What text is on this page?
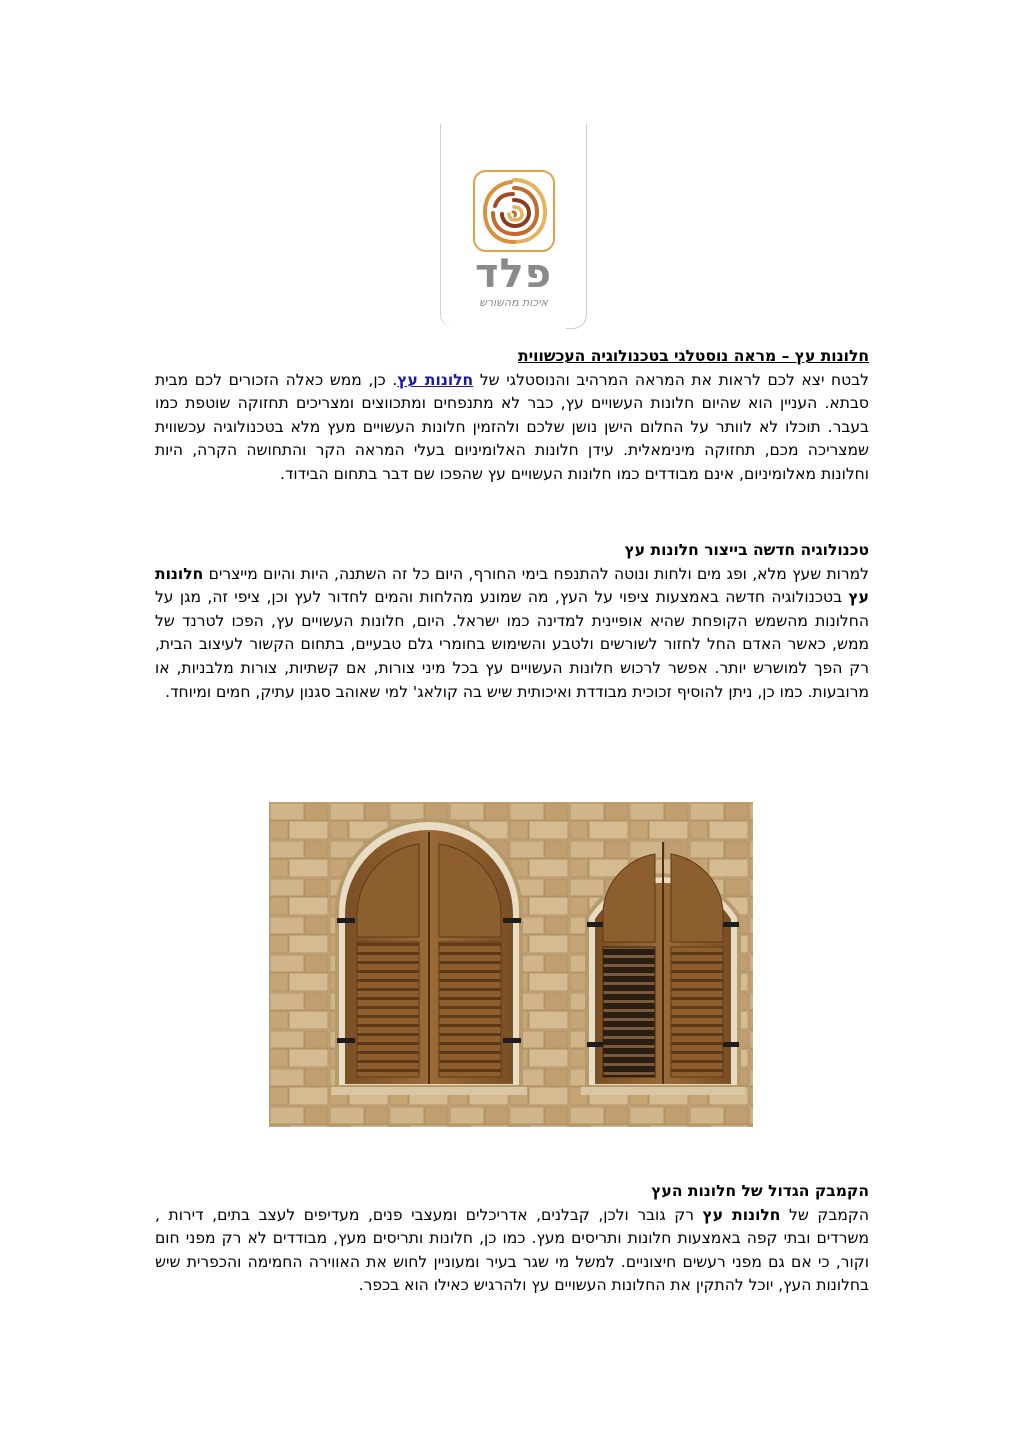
פלד
איכות מהשורש

חלונות עץ – מראה נוסטלגי בטכנולוגיה העכשווית

לבטח יצא לכם לראות את המראה המרהיב והנוסטלגי של חלונות עץ. כן, ממש כאלה הזכורים לכם מבית סבתא. העניין הוא שהיום חלונות העשויים עץ, כבר לא מתנפחים ומתכווצים ומצריכים תחזוקה שוטפת כמו בעבר. תוכלו לא לוותר על החלום הישן נושן שלכם ולהזמין חלונות העשויים מעץ מלא בטכנולוגיה עכשווית שמצריכה מכם, תחזוקה מינימאלית. עידן חלונות האלומיניום בעלי המראה הקר והתחושה הקרה, היות וחלונות מאלומיניום, אינם מבודדים כמו חלונות העשויים עץ שהפכו שם דבר בתחום הבידוד.

טכנולוגיה חדשה בייצור חלונות עץ

למרות שעץ מלא, ופג מים ולחות ונוטה להתנפח בימי החורף, היום כל זה השתנה, היות והיום מייצרים חלונות עץ בטכנולוגיה חדשה באמצעות ציפוי על העץ, מה שמונע מהלחות והמים לחדור לעץ וכן, ציפי זה, מגן על החלונות מהשמש הקופחת שהיא אופיינית למדינה כמו ישראל. היום, חלונות העשויים עץ, הפכו לטרנד של ממש, כאשר האדם החל לחזור לשורשים ולטבע והשימוש בחומרי גלם טבעיים, בתחום הקשור לעיצוב הבית, רק הפך למושרש יותר. אפשר לרכוש חלונות העשויים עץ בכל מיני צורות, אם קשתיות, צורות מלבניות, או מרובעות. כמו כן, ניתן להוסיף זכוכית מבודדת ואיכותית שיש בה קולאג' למי שאוהב סגנון עתיק, חמים ומיוחד.

הקמבק הגדול של חלונות העץ

הקמבק של חלונות עץ רק גובר ולכן, קבלנים, אדריכלים ומעצבי פנים, מעדיפים לעצב בתים, דירות , משרדים ובתי קפה באמצעות חלונות ותריסים מעץ. כמו כן, חלונות ותריסים מעץ, מבודדים לא רק מפני חום וקור, כי אם גם מפני רעשים חיצוניים. למשל מי שגר בעיר ומעוניין לחוש את האווירה החמימה והכפרית שיש בחלונות העץ, יוכל להתקין את החלונות העשויים עץ ולהרגיש כאילו הוא בכפר.
